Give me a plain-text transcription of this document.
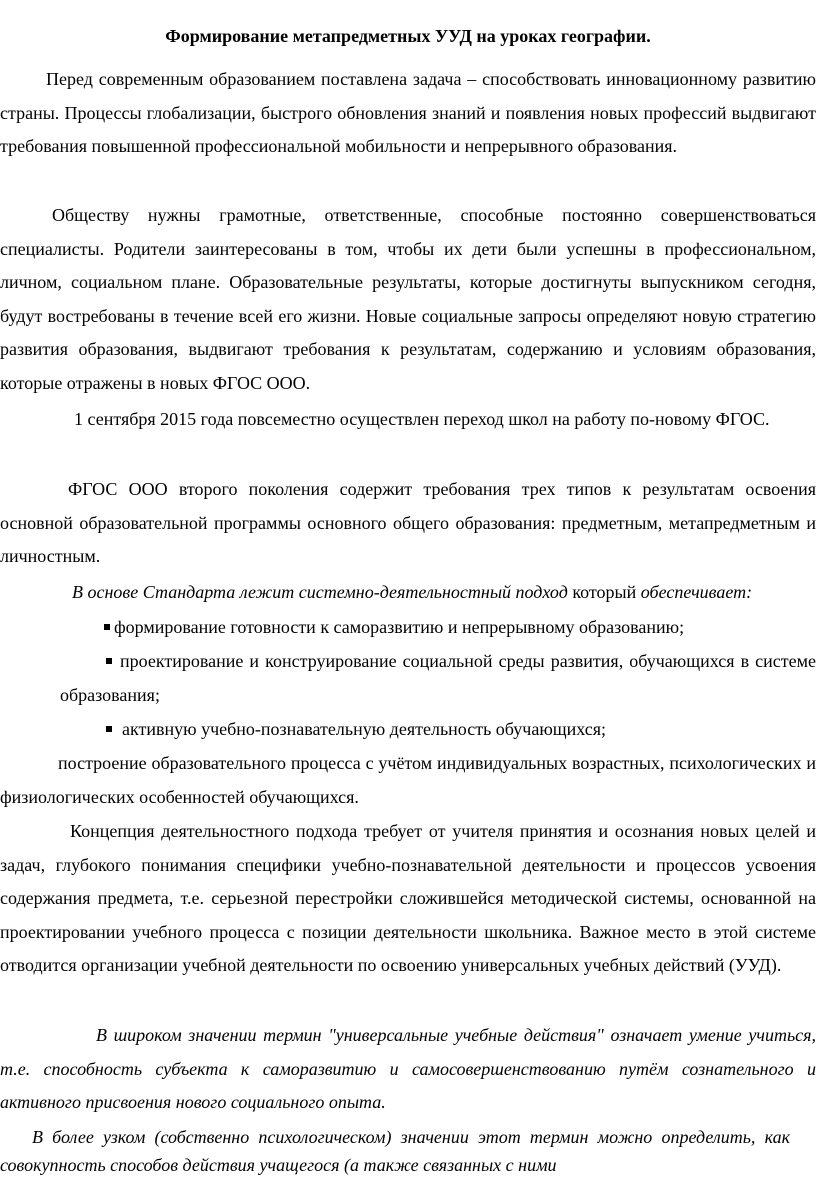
Формирование метапредметных УУД на уроках географии.

Перед современным образованием поставлена задача – способствовать инновационному развитию страны. Процессы глобализации, быстрого обновления знаний и появления новых профессий выдвигают требования повышенной профессиональной мобильности и непрерывного образования.

Обществу нужны грамотные, ответственные, способные постоянно совершенствоваться специалисты. Родители заинтересованы в том, чтобы их дети были успешны в профессиональном, личном, социальном плане. Образовательные результаты, которые достигнуты выпускником сегодня, будут востребованы в течение всей его жизни. Новые социальные запросы определяют новую стратегию развития образования, выдвигают требования к результатам, содержанию и условиям образования, которые отражены в новых ФГОС ООО.

1 сентября 2015 года повсеместно осуществлен переход школ на работу по-новому ФГОС.

ФГОС ООО второго поколения содержит требования трех типов к результатам освоения основной образовательной программы основного общего образования: предметным, метапредметным и личностным.

В основе Стандарта лежит системно-деятельностный подход который обеспечивает:

формирование готовности к саморазвитию и непрерывному образованию;
проектирование и конструирование социальной среды развития, обучающихся в системе образования;
активную учебно-познавательную деятельность обучающихся;

построение образовательного процесса с учётом индивидуальных возрастных, психологических и физиологических особенностей обучающихся.

Концепция деятельностного подхода требует от учителя принятия и осознания новых целей и задач, глубокого понимания специфики учебно-познавательной деятельности и процессов усвоения содержания предмета, т.е. серьезной перестройки сложившейся методической системы, основанной на проектировании учебного процесса с позиции деятельности школьника. Важное место в этой системе отводится организации учебной деятельности по освоению универсальных учебных действий (УУД).

В широком значении термин "универсальные учебные действия" означает умение учиться, т.е. способность субъекта к саморазвитию и самосовершенствованию путём сознательного и активного присвоения нового социального опыта.

В более узком (собственно психологическом) значении этот термин можно определить, как совокупность способов действия учащегося (а также связанных с ними
